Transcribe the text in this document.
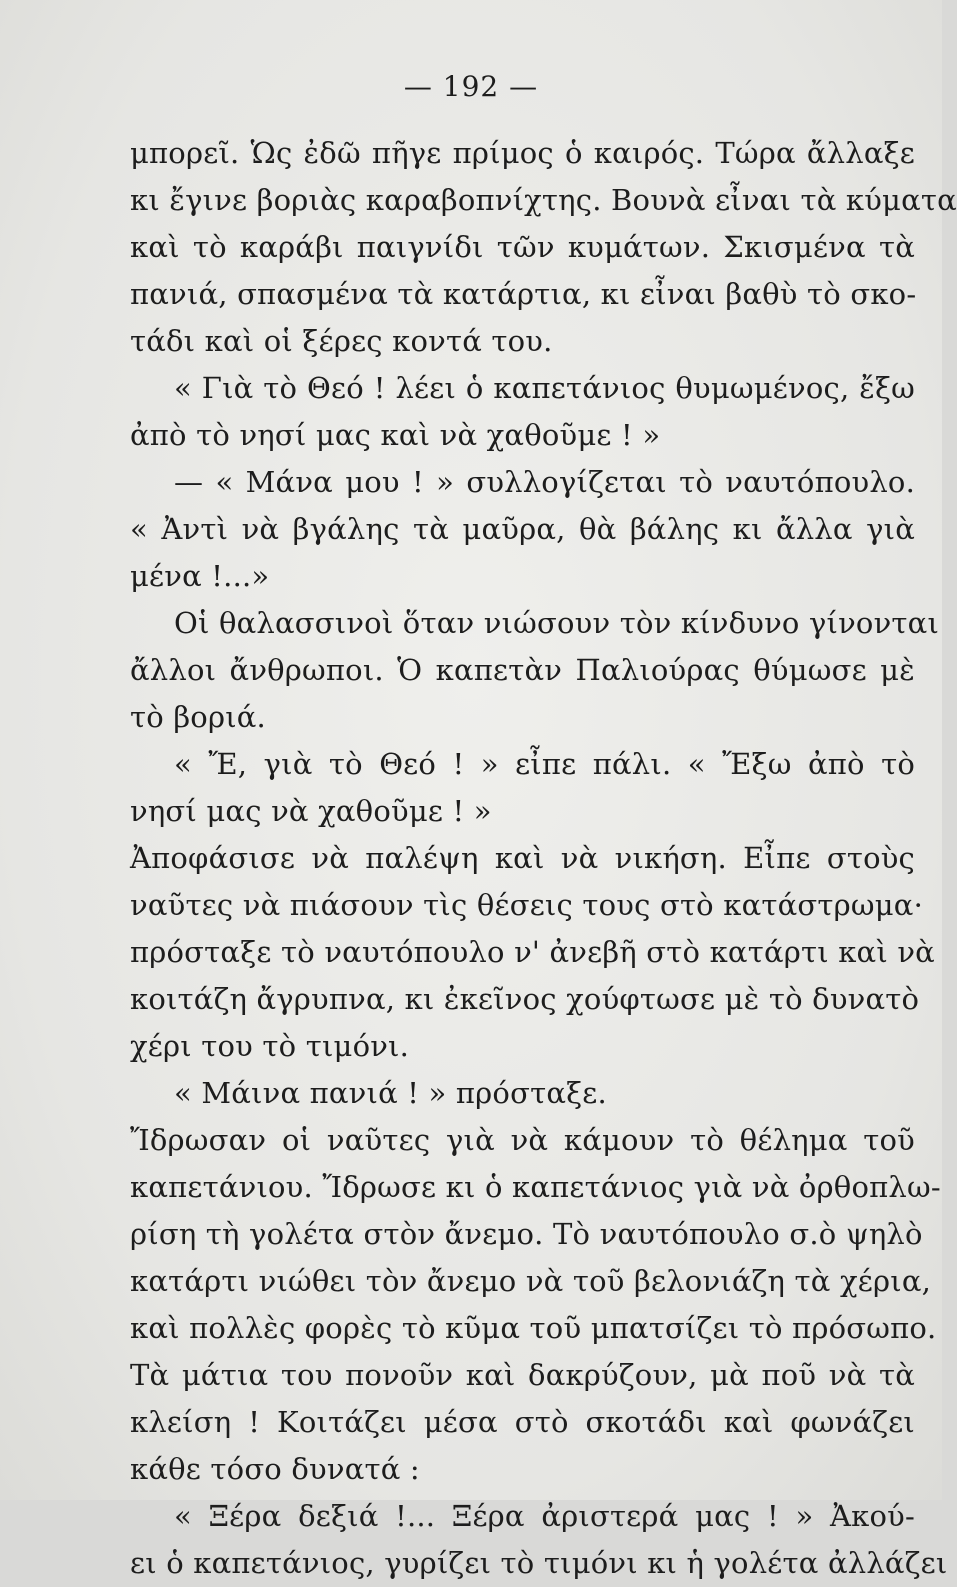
— 192 —
μπορεῖ. Ὡς ἐδῶ πῆγε πρίμος ὁ καιρός. Τώρα ἄλλαξε
κι ἔγινε βοριὰς καραβοπνίχτης. Βουνὰ εἶναι τὰ κύματα
καὶ τὸ καράβι παιγνίδι τῶν κυμάτων. Σκισμένα τὰ
πανιά, σπασμένα τὰ κατάρτια, κι εἶναι βαθὺ τὸ σκο-
τάδι καὶ οἱ ξέρες κοντά του.
« Γιὰ τὸ Θεό ! λέει ὁ καπετάνιος θυμωμένος, ἔξω
ἀπὸ τὸ νησί μας καὶ νὰ χαθοῦμε ! »
— « Μάνα μου ! » συλλογίζεται τὸ ναυτόπουλο.
« Ἀντὶ νὰ βγάλης τὰ μαῦρα, θὰ βάλης κι ἄλλα γιὰ
μένα !...»
Οἱ θαλασσινοὶ ὅταν νιώσουν τὸν κίνδυνο γίνονται
ἄλλοι ἄνθρωποι. Ὁ καπετὰν Παλιούρας θύμωσε μὲ
τὸ βοριά.
« Ἔ, γιὰ τὸ Θεό ! » εἶπε πάλι. « Ἔξω ἀπὸ τὸ
νησί μας νὰ χαθοῦμε ! »
Ἀποφάσισε νὰ παλέψη καὶ νὰ νικήση. Εἶπε στοὺς
ναῦτες νὰ πιάσουν τὶς θέσεις τους στὸ κατάστρωμα·
πρόσταξε τὸ ναυτόπουλο ν' ἀνεβῆ στὸ κατάρτι καὶ νὰ
κοιτάζη ἄγρυπνα, κι ἐκεῖνος χούφτωσε μὲ τὸ δυνατὸ
χέρι του τὸ τιμόνι.
« Μάινα πανιά ! » πρόσταξε.
Ἴδρωσαν οἱ ναῦτες γιὰ νὰ κάμουν τὸ θέλημα τοῦ
καπετάνιου. Ἴδρωσε κι ὁ καπετάνιος γιὰ νὰ ὀρθοπλω-
ρίση τὴ γολέτα στὸν ἄνεμο. Τὸ ναυτόπουλο σ.ὸ ψηλὸ
κατάρτι νιώθει τὸν ἄνεμο νὰ τοῦ βελονιάζη τὰ χέρια,
καὶ πολλὲς φορὲς τὸ κῦμα τοῦ μπατσίζει τὸ πρόσωπο.
Τὰ μάτια του πονοῦν καὶ δακρύζουν, μὰ ποῦ νὰ τὰ
κλείση ! Κοιτάζει μέσα στὸ σκοτάδι καὶ φωνάζει
κάθε τόσο δυνατά :
« Ξέρα δεξιά !... Ξέρα ἀριστερά μας ! » Ἀκού-
ει ὁ καπετάνιος, γυρίζει τὸ τιμόνι κι ἡ γολέτα ἀλλάζει
